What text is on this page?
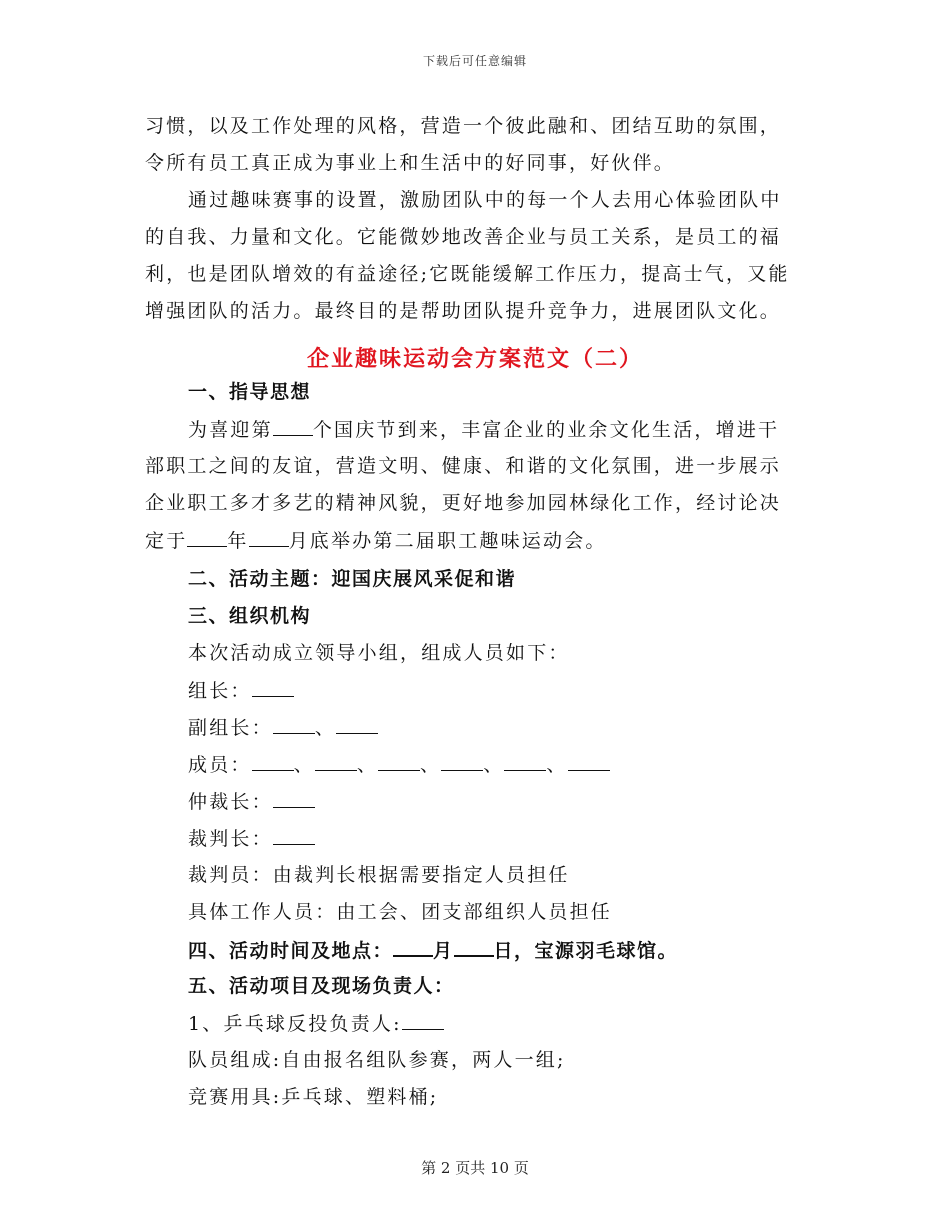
下载后可任意编辑
习惯，以及工作处理的风格，营造一个彼此融和、团结互助的氛围，
令所有员工真正成为事业上和生活中的好同事，好伙伴。
通过趣味赛事的设置，激励团队中的每一个人去用心体验团队中
的自我、力量和文化。它能微妙地改善企业与员工关系，是员工的福
利，也是团队增效的有益途径;它既能缓解工作压力，提高士气，又能
增强团队的活力。最终目的是帮助团队提升竞争力，进展团队文化。
企业趣味运动会方案范文（二）
一、指导思想
为喜迎第 个国庆节到来，丰富企业的业余文化生活，增进干
部职工之间的友谊，营造文明、健康、和谐的文化氛围，进一步展示
企业职工多才多艺的精神风貌，更好地参加园林绿化工作，经讨论决
定于 年 月底举办第二届职工趣味运动会。
二、活动主题：迎国庆展风采促和谐
三、组织机构
本次活动成立领导小组，组成人员如下：
组长：
副组长： 、
成员： 、 、 、 、 、
仲裁长：
裁判长：
裁判员：由裁判长根据需要指定人员担任
具体工作人员：由工会、团支部组织人员担任
四、活动时间及地点： 月 日，宝源羽毛球馆。
五、活动项目及现场负责人：
1、乒乓球反投负责人:
队员组成:自由报名组队参赛，两人一组;
竞赛用具:乒乓球、塑料桶;
第 2 页共 10 页
